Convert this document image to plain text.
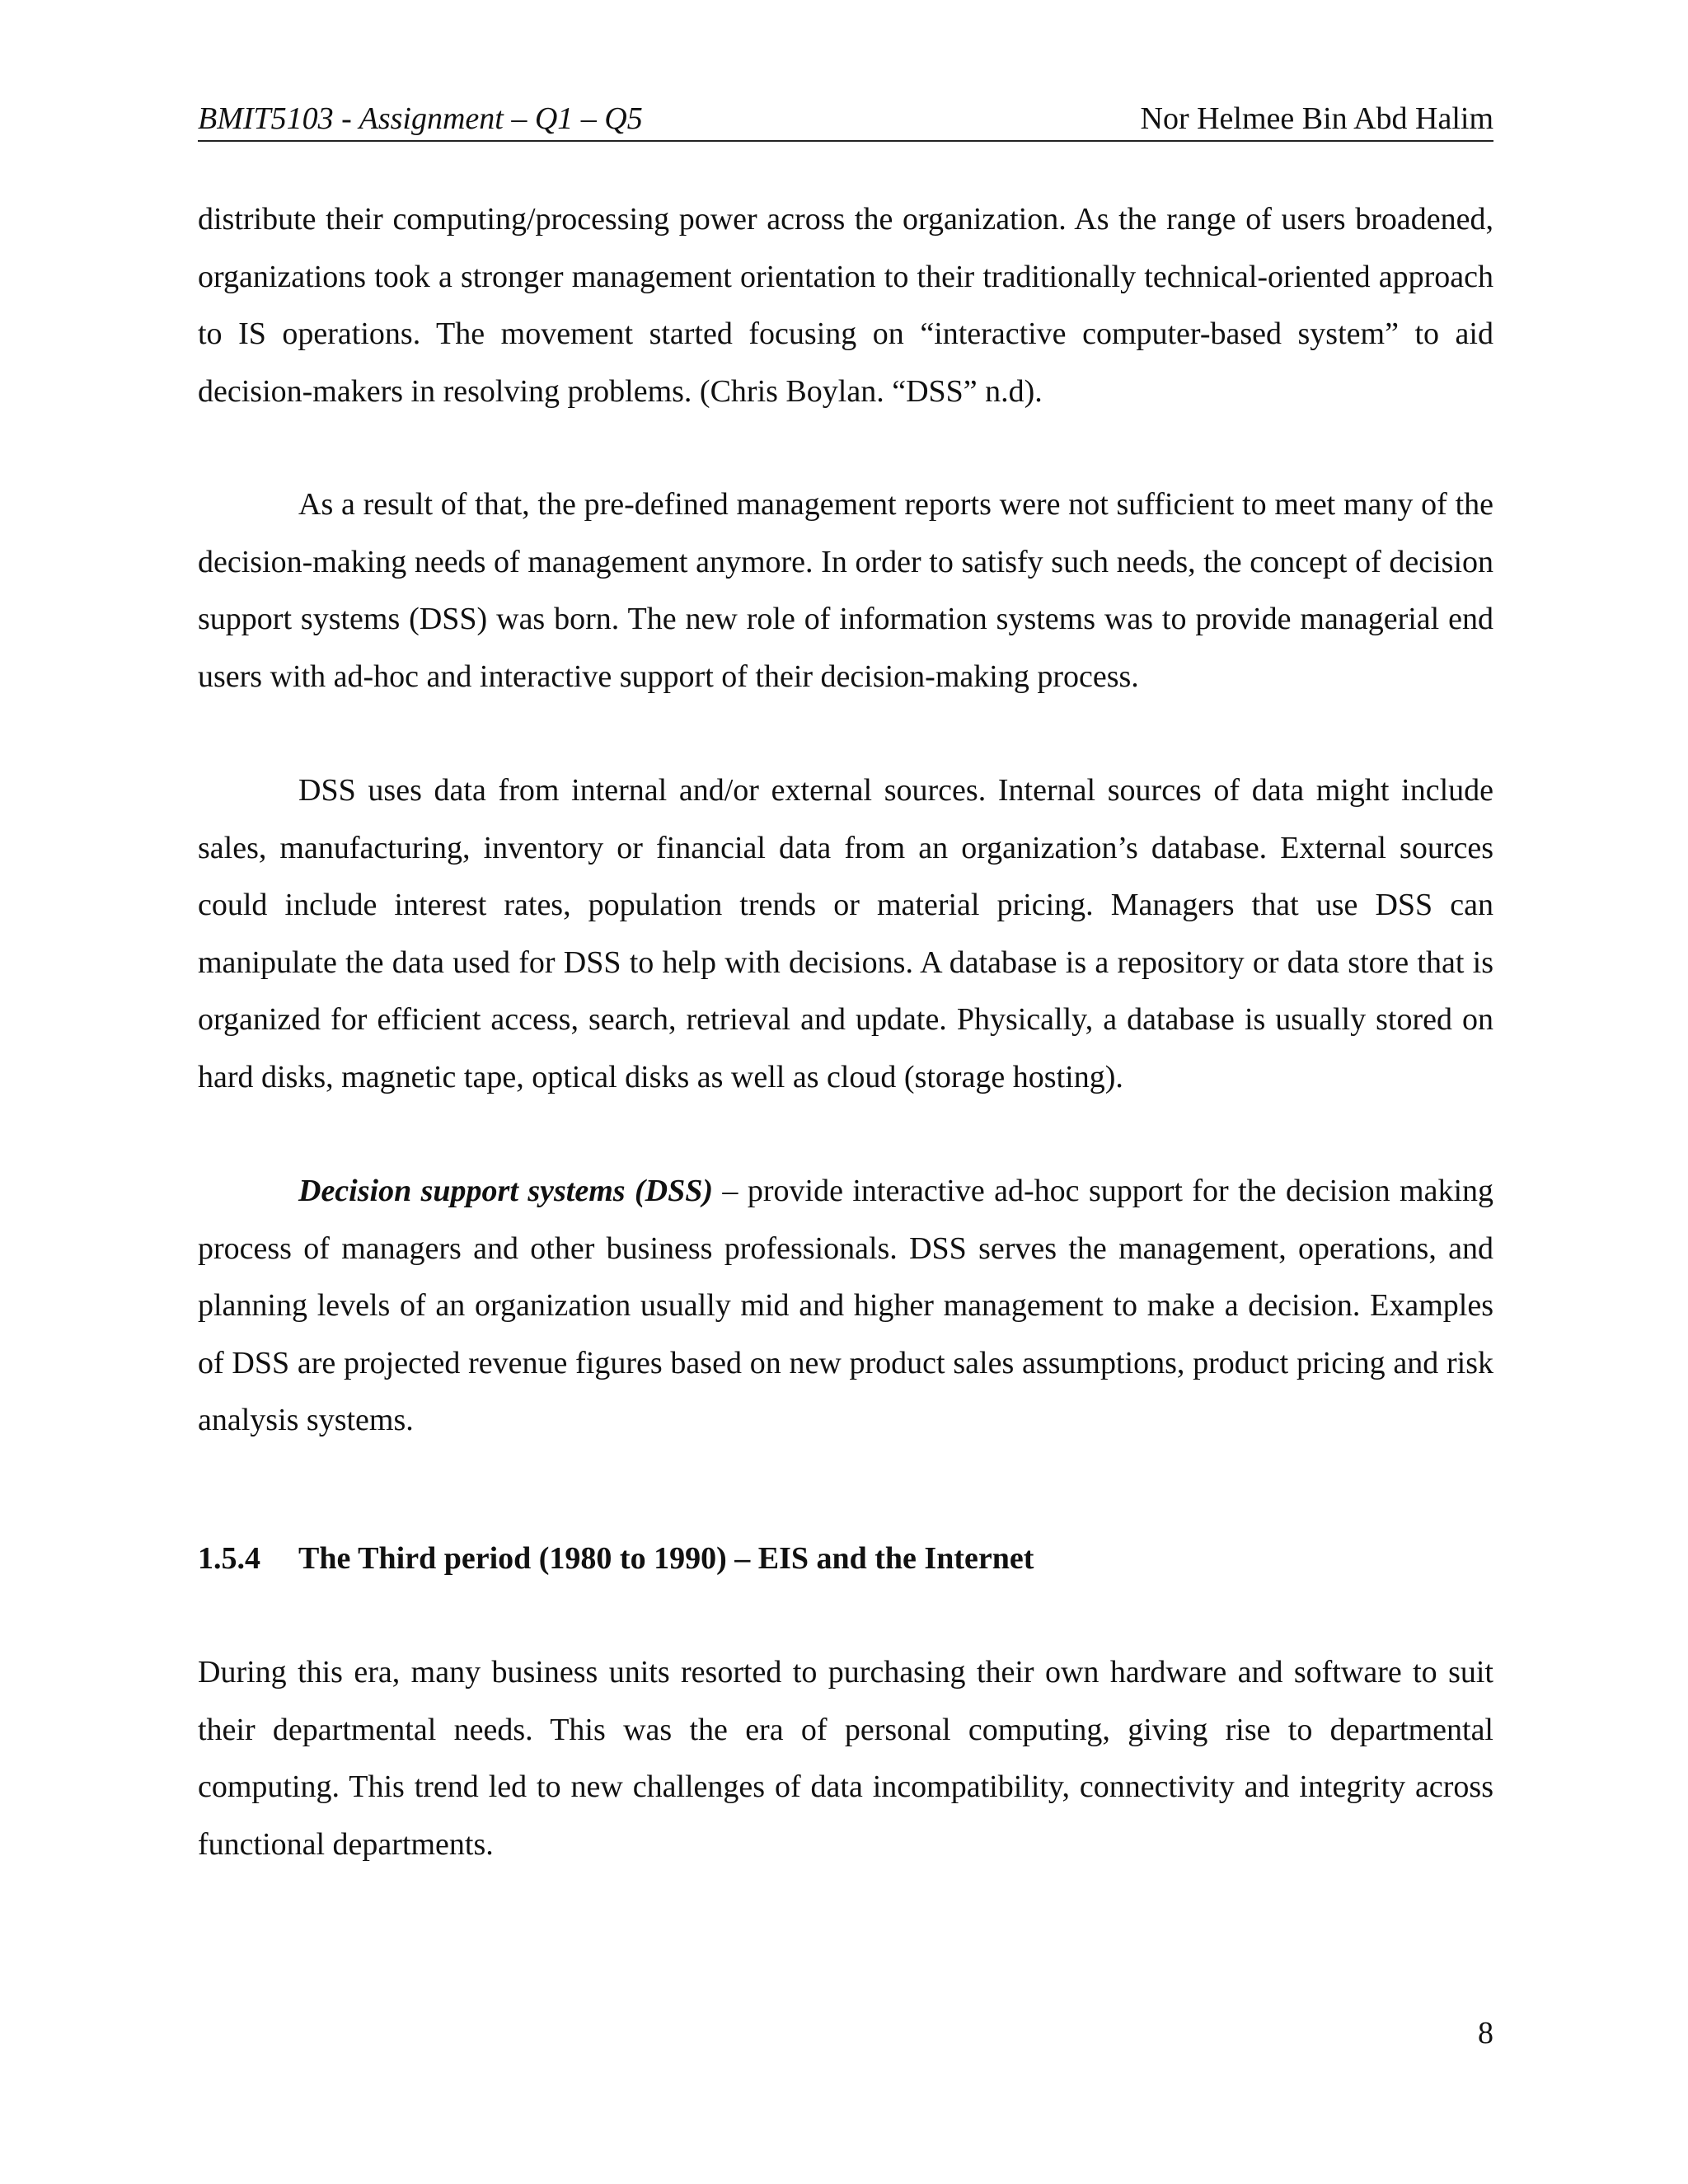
BMIT5103 - Assignment – Q1 – Q5	Nor Helmee Bin Abd Halim

distribute their computing/processing power across the organization. As the range of users broadened, organizations took a stronger management orientation to their traditionally technical-oriented approach to IS operations. The movement started focusing on “interactive computer-based system” to aid decision-makers in resolving problems. (Chris Boylan. “DSS” n.d).

As a result of that, the pre-defined management reports were not sufficient to meet many of the decision-making needs of management anymore. In order to satisfy such needs, the concept of decision support systems (DSS) was born. The new role of information systems was to provide managerial end users with ad-hoc and interactive support of their decision-making process.

DSS uses data from internal and/or external sources. Internal sources of data might include sales, manufacturing, inventory or financial data from an organization’s database. External sources could include interest rates, population trends or material pricing. Managers that use DSS can manipulate the data used for DSS to help with decisions. A database is a repository or data store that is organized for efficient access, search, retrieval and update. Physically, a database is usually stored on hard disks, magnetic tape, optical disks as well as cloud (storage hosting).

Decision support systems (DSS) – provide interactive ad-hoc support for the decision making process of managers and other business professionals. DSS serves the management, operations, and planning levels of an organization usually mid and higher management to make a decision. Examples of DSS are projected revenue figures based on new product sales assumptions, product pricing and risk analysis systems.

1.5.4 The Third period (1980 to 1990) – EIS and the Internet

During this era, many business units resorted to purchasing their own hardware and software to suit their departmental needs. This was the era of personal computing, giving rise to departmental computing. This trend led to new challenges of data incompatibility, connectivity and integrity across functional departments.

8
